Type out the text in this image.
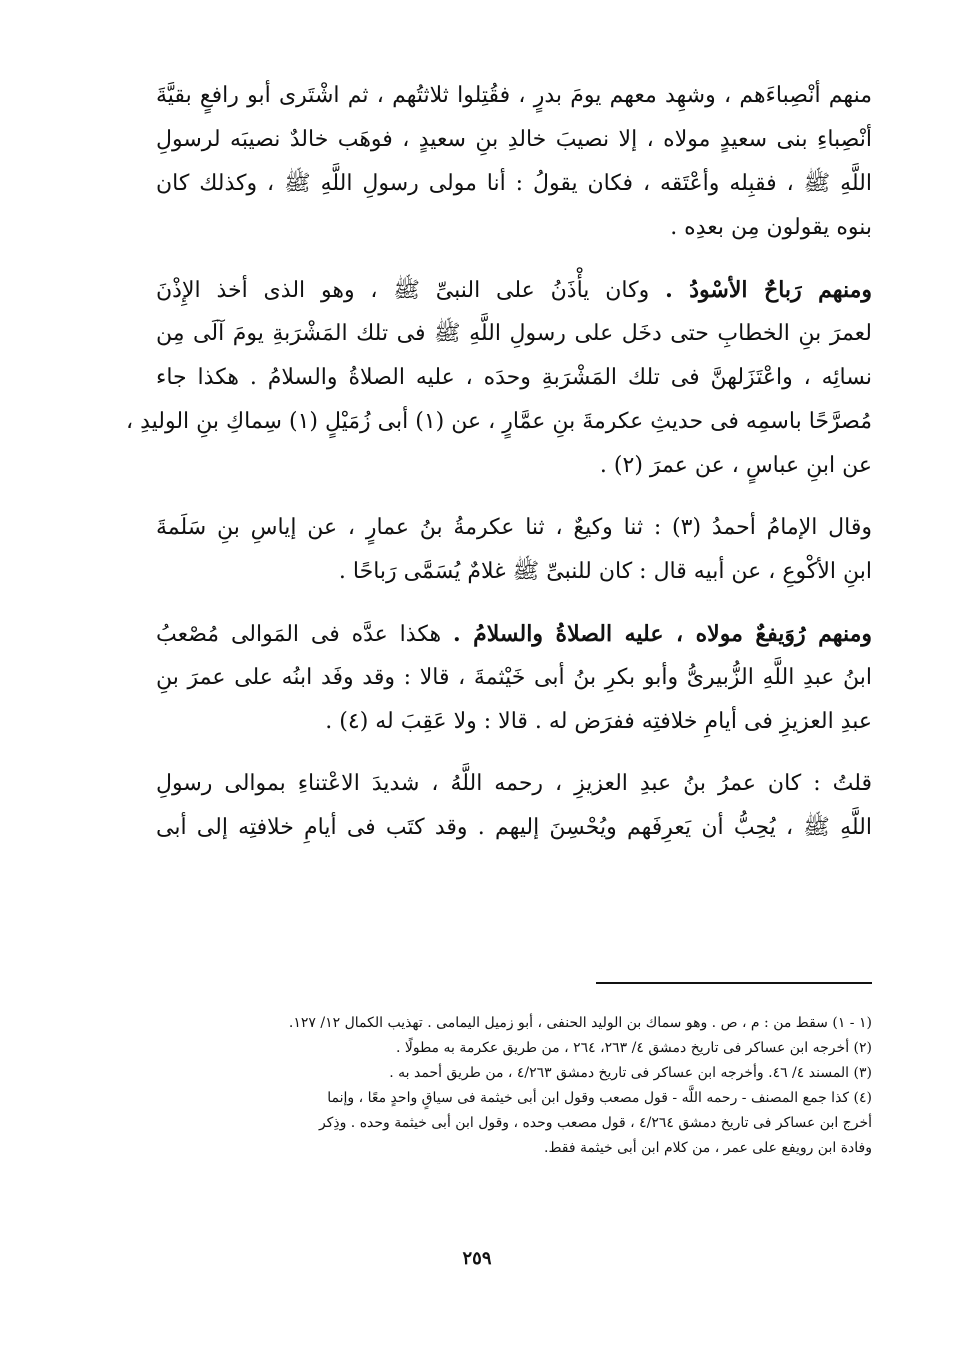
منهم أنْصِباءَهم ، وشهِد معهم يومَ بدرٍ ، فقُتِلوا ثلاثتُهم ، ثم اشْتَرى أبو رافعٍ بقيَّةَ
أنْصِباءِ بنى سعيدٍ مولاه ، إلا نصيبَ خالدِ بنِ سعيدٍ ، فوهَب خالدٌ نصيبَه لرسولِ
اللَّهِ ﷺ ، فقبِله وأعْتَقه ، فكان يقولُ : أنا مولى رسولِ اللَّهِ ﷺ ، وكذلك كان
بنوه يقولون مِن بعدِه .
ومنهم رَباحٌ الأسْودُ . وكان يأْذَنُ على النبىِّ ﷺ ، وهو الذى أخذ الإِذْنَ
لعمرَ بنِ الخطابِ حتى دخَل على رسولِ اللَّهِ ﷺ فى تلك المَشْرَبةِ يومَ آلَى مِن
نسائِه ، واعْتَزَلهنَّ فى تلك المَشْرَبةِ وحدَه ، عليه الصلاةُ والسلامُ . هكذا جاء
مُصرَّحًا باسمِه فى حديثِ عكرمةَ بنِ عمَّارٍ ، عن (١) أبى زُمَيْلٍ (١) سِماكِ بنِ الوليدِ ،
عن ابنِ عباسٍ ، عن عمرَ (٢) .
وقال الإمامُ أحمدُ (٣) : ثنا وكيعٌ ، ثنا عكرمةُ بنُ عمارٍ ، عن إياسِ بنِ سَلَمةَ
ابنِ الأكْوعِ ، عن أبيه قال : كان للنبىِّ ﷺ غلامٌ يُسَمَّى رَباحًا .
ومنهم رُوَيفعٌ مولاه ، عليه الصلاةُ والسلامُ . هكذا عدَّه فى المَوالى مُصْعبُ
ابنُ عبدِ اللَّهِ الزُّبيرىُّ وأبو بكرِ بنُ أبى خَيْثمةَ ، قالا : وقد وفَد ابنُه على عمرَ بنِ
عبدِ العزيزِ فى أيامِ خلافتِه ففرَض له . قالا : ولا عَقِبَ له (٤) .
قلتُ : كان عمرُ بنُ عبدِ العزيزِ ، رحمه اللَّهُ ، شديدَ الاعْتناءِ بموالى رسولِ
اللَّهِ ﷺ ، يُحِبُّ أن يَعرِفَهم ويُحْسِنَ إليهم . وقد كتَب فى أيامِ خلافتِه إلى أبى
(١ - ١) سقط من : م ، ص . وهو سماك بن الوليد الحنفى ، أبو زميل اليمامى . تهذيب الكمال ١٢/ ١٢٧.
(٢) أخرجه ابن عساكر فى تاريخ دمشق ٤/ ٢٦٣، ٢٦٤ ، من طريق عكرمة به مطولًا .
(٣) المسند ٤/ ٤٦. وأخرجه ابن عساكر فى تاريخ دمشق ٤/٢٦٣ ، من طريق أحمد به .
(٤) كذا جمع المصنف - رحمه اللَّه - قول مصعب وقول ابن أبى خيثمة فى سياقٍ واحدٍ معًا ، وإنما
أخرج ابن عساكر فى تاريخ دمشق ٤/٢٦٤ ، قول مصعب وحده ، وقول ابن أبى خيثمة وحده . وذِكر
وفادة ابن رويفع على عمر ، من كلام ابن أبى خيثمة فقط.
٢٥٩
